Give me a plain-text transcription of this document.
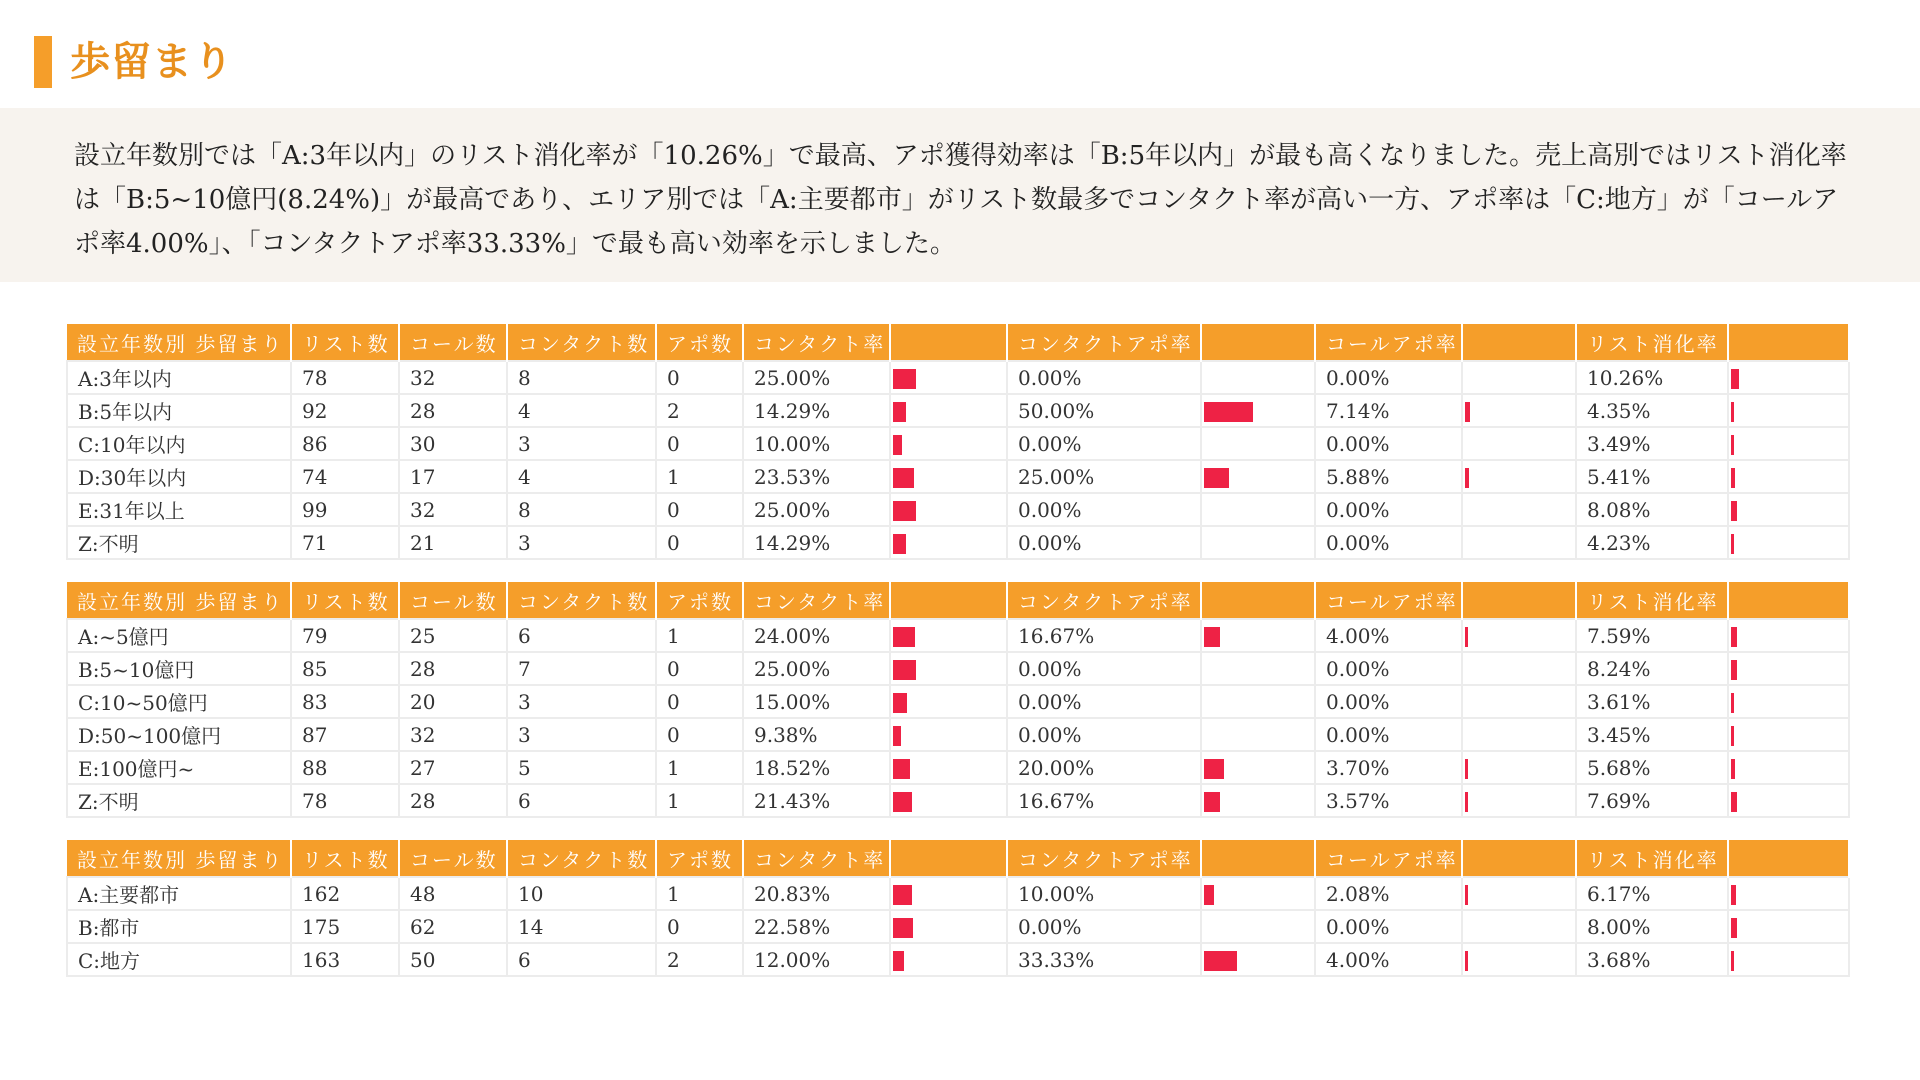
歩留まり
設立年数別では「A:3年以内」のリスト消化率が「10.26%」で最高、アポ獲得効率は「B:5年以内」が最も高くなりました。売上高別ではリスト消化率は「B:5~10億円(8.24%)」が最高であり、エリア別では「A:主要都市」がリスト数最多でコンタクト率が高い一方、アポ率は「C:地方」が「コールアポ率4.00%」、「コンタクトアポ率33.33%」で最も高い効率を示しました。
設立年数別 歩留まり	リスト数	コール数	コンタクト数	アポ数	コンタクト率		コンタクトアポ率		コールアポ率		リスト消化率	
A:3年以内	78	32	8	0	25.00%		0.00%		0.00%		10.26%	

B:5年以内	92	28	4	2	14.29%		50.00%		7.14%		4.35%	

C:10年以内	86	30	3	0	10.00%		0.00%		0.00%		3.49%	

D:30年以内	74	17	4	1	23.53%		25.00%		5.88%		5.41%	

E:31年以上	99	32	8	0	25.00%		0.00%		0.00%		8.08%	

Z:不明	71	21	3	0	14.29%		0.00%		0.00%		4.23%	
設立年数別 歩留まり	リスト数	コール数	コンタクト数	アポ数	コンタクト率		コンタクトアポ率		コールアポ率		リスト消化率	
A:~5億円	79	25	6	1	24.00%		16.67%		4.00%		7.59%	

B:5~10億円	85	28	7	0	25.00%		0.00%		0.00%		8.24%	

C:10~50億円	83	20	3	0	15.00%		0.00%		0.00%		3.61%	

D:50~100億円	87	32	3	0	9.38%		0.00%		0.00%		3.45%	

E:100億円~	88	27	5	1	18.52%		20.00%		3.70%		5.68%	

Z:不明	78	28	6	1	21.43%		16.67%		3.57%		7.69%	
設立年数別 歩留まり	リスト数	コール数	コンタクト数	アポ数	コンタクト率		コンタクトアポ率		コールアポ率		リスト消化率	
A:主要都市	162	48	10	1	20.83%		10.00%		2.08%		6.17%	

B:都市	175	62	14	0	22.58%		0.00%		0.00%		8.00%	

C:地方	163	50	6	2	12.00%		33.33%		4.00%		3.68%	
